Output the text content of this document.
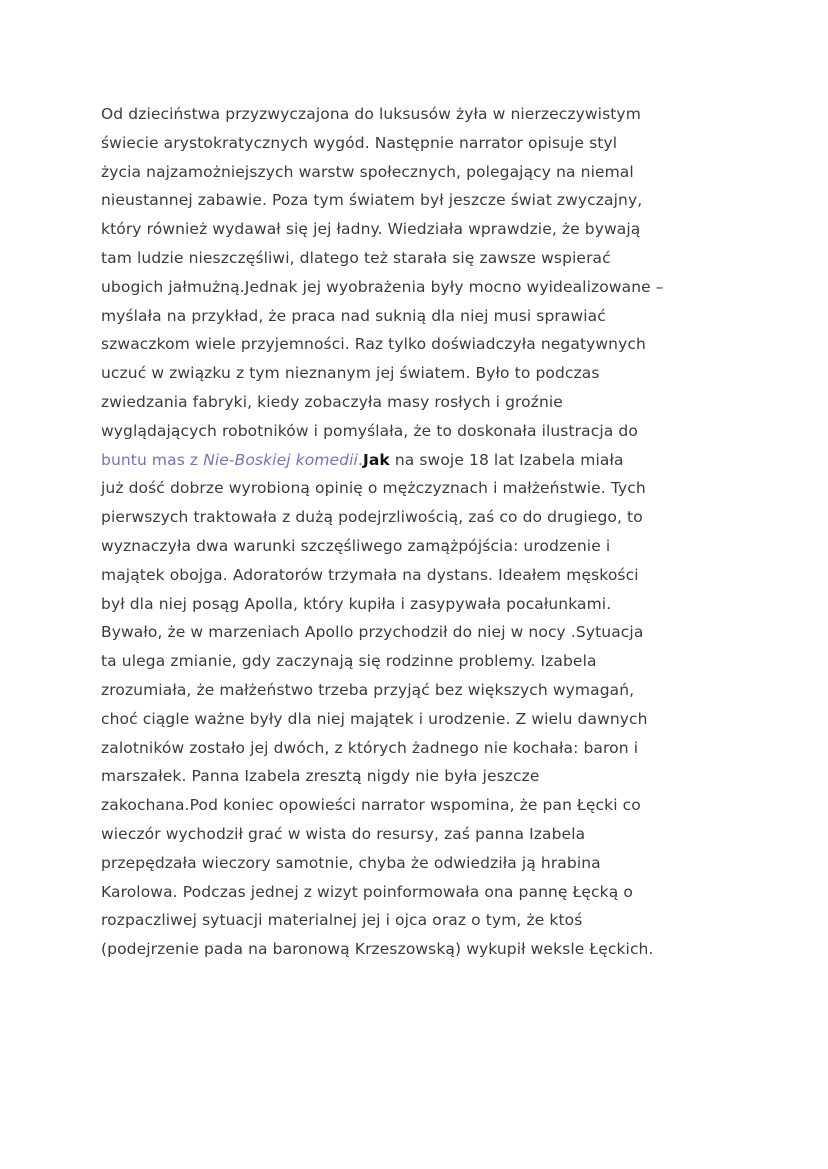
Od dzieciństwa przyzwyczajona do luksusów żyła w nierzeczywistym
świecie arystokratycznych wygód. Następnie narrator opisuje styl
życia najzamożniejszych warstw społecznych, polegający na niemal
nieustannej zabawie. Poza tym światem był jeszcze świat zwyczajny,
który również wydawał się jej ładny. Wiedziała wprawdzie, że bywają
tam ludzie nieszczęśliwi, dlatego też starała się zawsze wspierać
ubogich jałmużną.Jednak jej wyobrażenia były mocno wyidealizowane –
myślała na przykład, że praca nad suknią dla niej musi sprawiać
szwaczkom wiele przyjemności. Raz tylko doświadczyła negatywnych
uczuć w związku z tym nieznanym jej światem. Było to podczas
zwiedzania fabryki, kiedy zobaczyła masy rosłych i groźnie
wyglądających robotników i pomyślała, że to doskonała ilustracja do
buntu mas z Nie-Boskiej komedii.Jak na swoje 18 lat Izabela miała
już dość dobrze wyrobioną opinię o mężczyznach i małżeństwie. Tych
pierwszych traktowała z dużą podejrzliwością, zaś co do drugiego, to
wyznaczyła dwa warunki szczęśliwego zamążpójścia: urodzenie i
majątek obojga. Adoratorów trzymała na dystans. Ideałem męskości
był dla niej posąg Apolla, który kupiła i zasypywała pocałunkami.
Bywało, że w marzeniach Apollo przychodził do niej w nocy .Sytuacja
ta ulega zmianie, gdy zaczynają się rodzinne problemy. Izabela
zrozumiała, że małżeństwo trzeba przyjąć bez większych wymagań,
choć ciągle ważne były dla niej majątek i urodzenie. Z wielu dawnych
zalotników zostało jej dwóch, z których żadnego nie kochała: baron i
marszałek. Panna Izabela zresztą nigdy nie była jeszcze
zakochana.Pod koniec opowieści narrator wspomina, że pan Łęcki co
wieczór wychodził grać w wista do resursy, zaś panna Izabela
przepędzała wieczory samotnie, chyba że odwiedziła ją hrabina
Karolowa. Podczas jednej z wizyt poinformowała ona pannę Łęcką o
rozpaczliwej sytuacji materialnej jej i ojca oraz o tym, że ktoś
(podejrzenie pada na baronową Krzeszowską) wykupił weksle Łęckich.
